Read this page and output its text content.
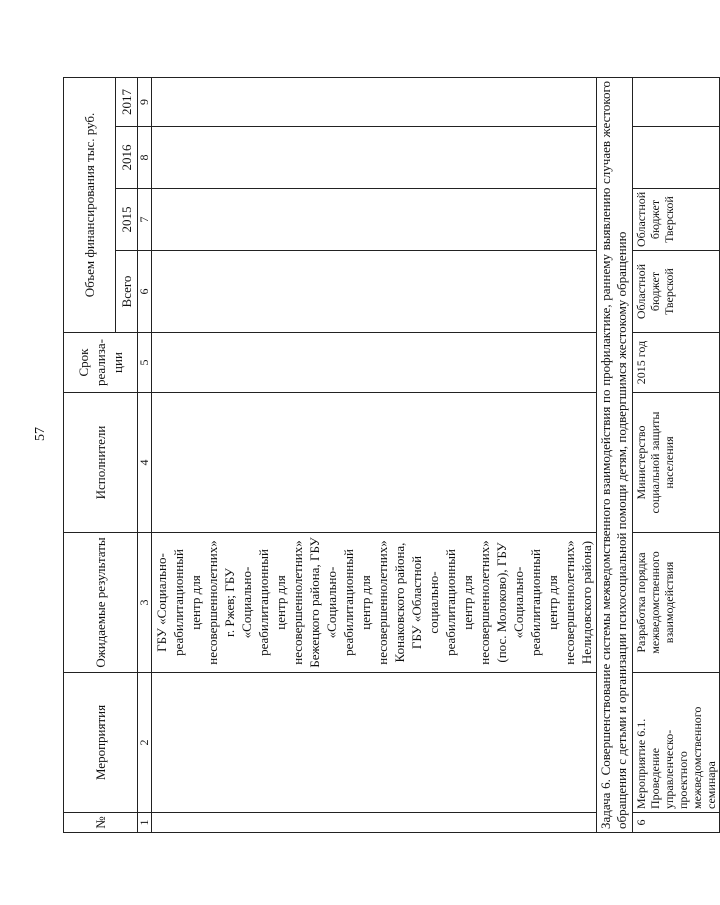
57
№	Мероприятия	Ожидаемые результаты	Исполнители	Срок реализа-ции	Объем финансирования тыс. руб.			
					Всего	2015	2016	2017
1	2	3	4	5	6	7	8	9
		ГБУ «Социально-реабилитационный центр для несовершеннолетних» г. Ржев; ГБУ «Социально-реабилитационный центр для несовершеннолетних» Бежецкого района, ГБУ «Социально-реабилитационный центр для несовершеннолетних» Конаковского района, ГБУ «Областной социально-реабилитационный центр для несовершеннолетних» (пос. Молоково), ГБУ «Социально-реабилитационный центр для несовершеннолетних» Нелидовского района)						
Задача 6. Совершенствование системы межведомственного взаимодействия по профилактике, раннему выявлению случаев жестокого обращения с детьми и организации психосоциальной помощи детям, подвергшимся жестокому обращению								
6	Мероприятие 6.1. Проведение управленческо-проектного межведомственного семинара	Разработка порядка межведомственного взаимодействия	Министерство социальной защиты населения	2015 год	Областной бюджет Тверской	Областной бюджет Тверской		
